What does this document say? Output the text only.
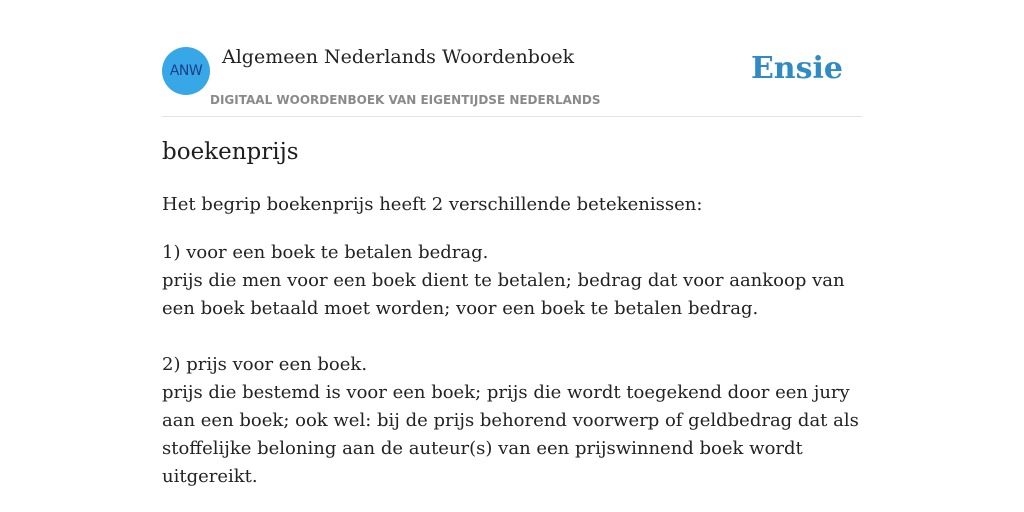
ANW
Algemeen Nederlands Woordenboek
DIGITAAL WOORDENBOEK VAN EIGENTIJDSE NEDERLANDS
Ensie
boekenprijs
Het begrip boekenprijs heeft 2 verschillende betekenissen:
1) voor een boek te betalen bedrag.
prijs die men voor een boek dient te betalen; bedrag dat voor aankoop van een boek betaald moet worden; voor een boek te betalen bedrag.
2) prijs voor een boek.
prijs die bestemd is voor een boek; prijs die wordt toegekend door een jury aan een boek; ook wel: bij de prijs behorend voorwerp of geldbedrag dat als stoffelijke beloning aan de auteur(s) van een prijswinnend boek wordt uitgereikt.
